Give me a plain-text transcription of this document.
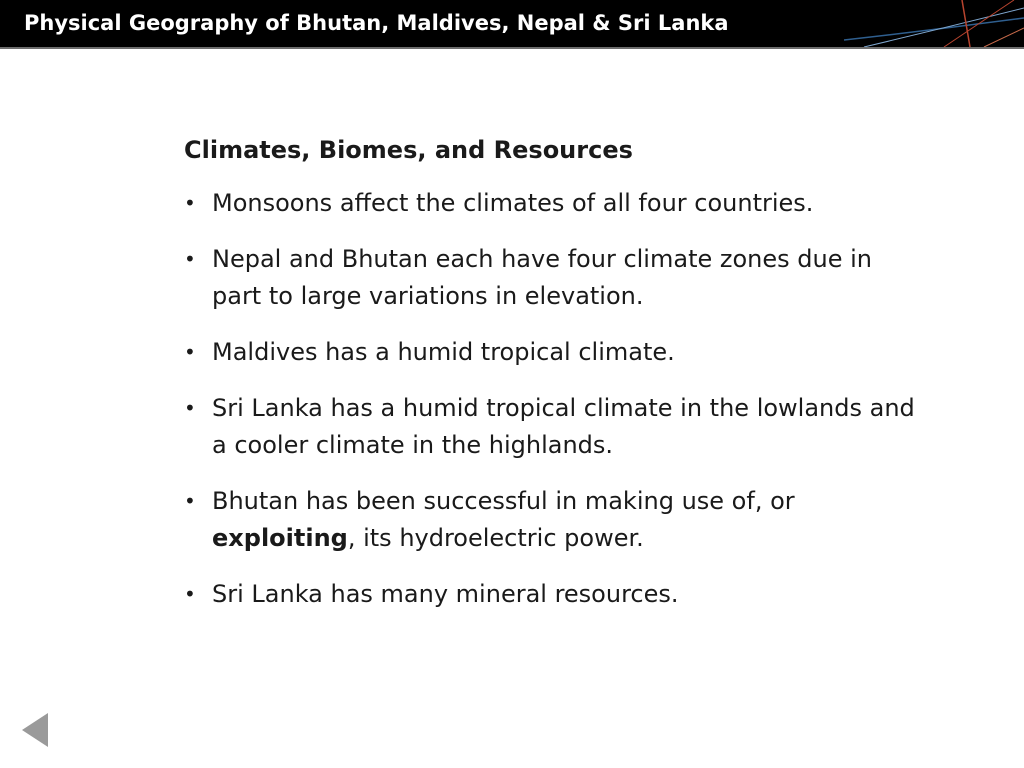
Physical Geography of Bhutan, Maldives, Nepal & Sri Lanka
Climates, Biomes, and Resources
• Monsoons affect the climates of all four countries.
• Nepal and Bhutan each have four climate zones due in part to large variations in elevation.
• Maldives has a humid tropical climate.
• Sri Lanka has a humid tropical climate in the lowlands and a cooler climate in the highlands.
• Bhutan has been successful in making use of, or exploiting, its hydroelectric power.
• Sri Lanka has many mineral resources.
